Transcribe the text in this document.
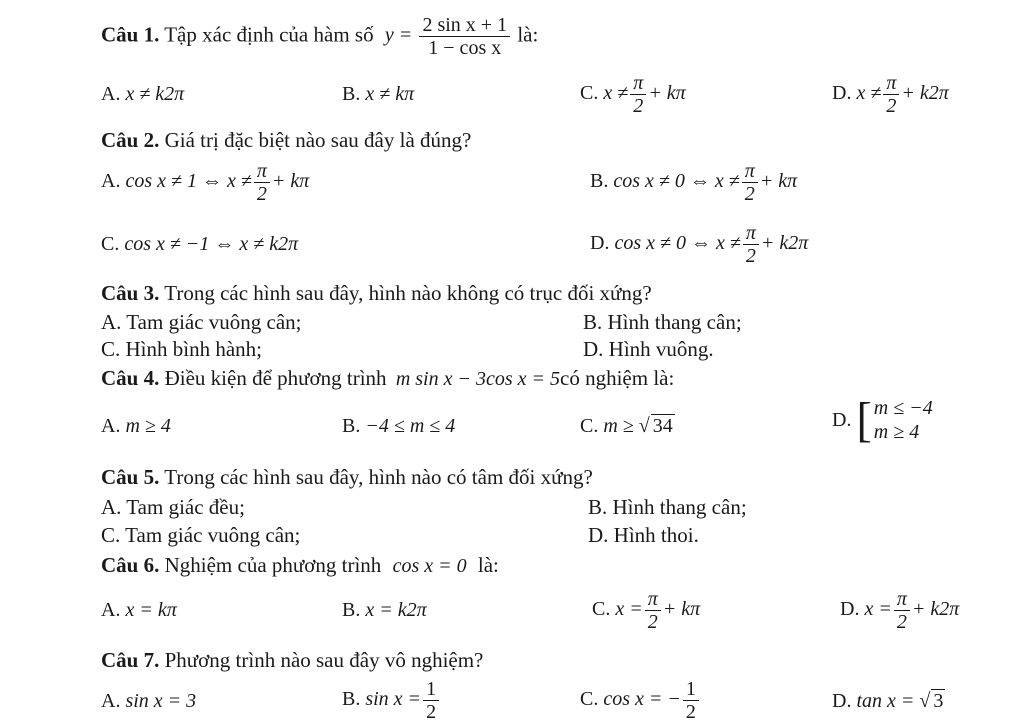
Câu 1. Tập xác định của hàm số $y = \frac{\text{2 sin x + 1}}{\text{1 − cos x}}$ là:
A. x ≠ k2π	B. x ≠ kπ	C. $x \ne \frac{\pi}{2} + k\pi$	D. $x \ne \frac{\pi}{2} + k2\pi$
Câu 2. Giá trị đặc biệt nào sau đây là đúng?
A. cos x ≠ 1 ⇔ $x \ne \frac{\pi}{2} + k\pi$	B. cos x ≠ 0 ⇔ $x \ne \frac{\pi}{2} + k\pi$
C. cos x ≠ −1 ⇔ x ≠ k2π	D. cos x ≠ 0 ⇔ $x \ne \frac{\pi}{2} + k2\pi$
Câu 3. Trong các hình sau đây, hình nào không có trục đối xứng?
A. Tam giác vuông cân;	B. Hình thang cân;
C. Hình bình hành;	D. Hình vuông.
Câu 4. Điều kiện để phương trình m sin x − 3cos x = 5có nghiệm là:
A. m ≥ 4	B. −4 ≤ m ≤ 4	C. m ≥ √ 34	D. [ m ≤ −4
m ≥ 4
Câu 5. Trong các hình sau đây, hình nào có tâm đối xứng?
A. Tam giác đều;	B. Hình thang cân;
C. Tam giác vuông cân;	D. Hình thoi.
Câu 6. Nghiệm của phương trình cos x = 0 là:
A. x = kπ	B. x = k2π	C. $x = \frac{\pi}{2} + k\pi$	D. $x = \frac{\pi}{2} + k2\pi$
Câu 7. Phương trình nào sau đây vô nghiệm?
A. sin x = 3	B. $\sin x = \frac{1}{2}$	C. cos x = − $\frac{1}{2}$	D. tan x = √ 3
